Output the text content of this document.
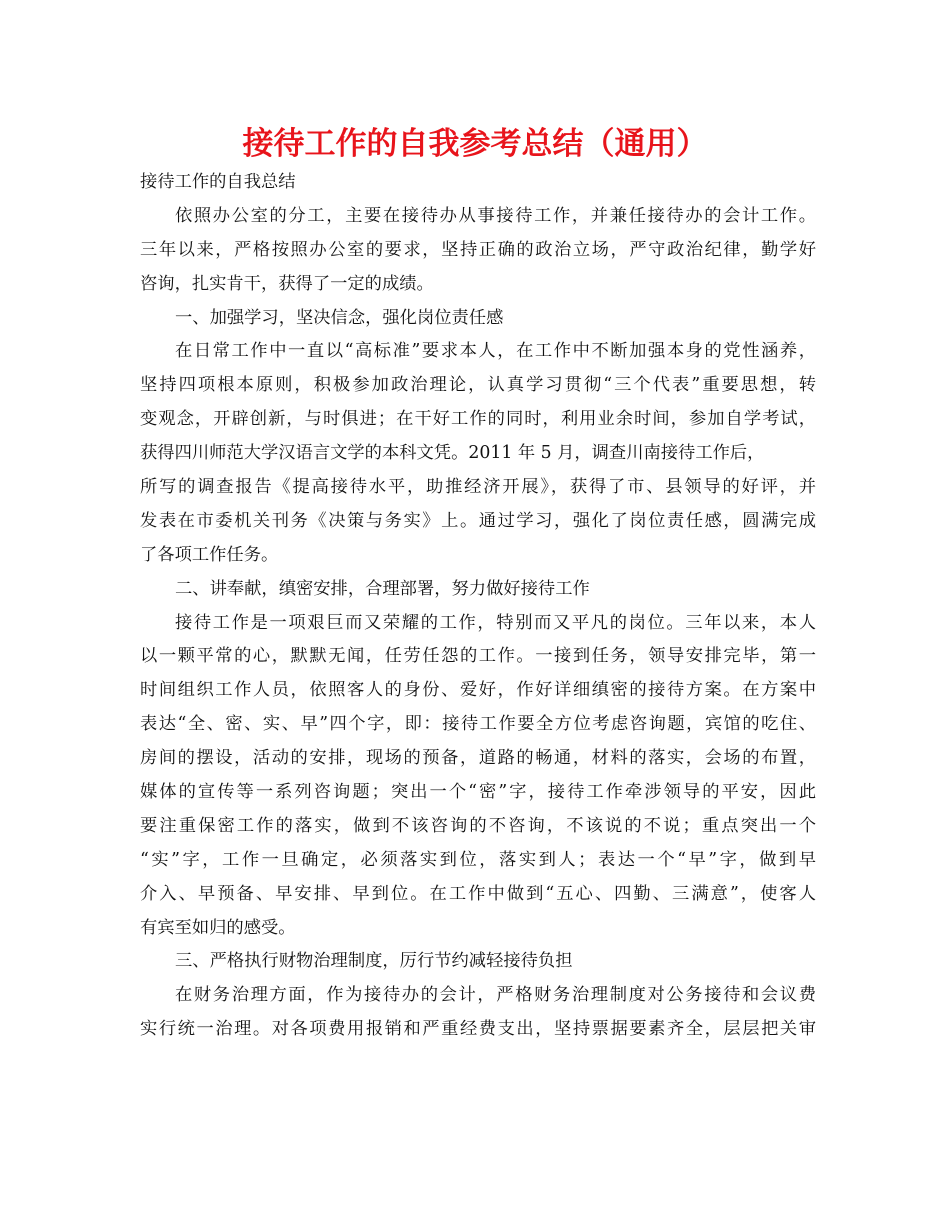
接待工作的自我参考总结（通用）
接待工作的自我总结
依照办公室的分工，主要在接待办从事接待工作，并兼任接待办的会计工作。
三年以来，严格按照办公室的要求，坚持正确的政治立场，严守政治纪律，勤学好
咨询，扎实肯干，获得了一定的成绩。
一、加强学习，坚决信念，强化岗位责任感
在日常工作中一直以“高标准”要求本人，在工作中不断加强本身的党性涵养，
坚持四项根本原则，积极参加政治理论，认真学习贯彻“三个代表”重要思想，转
变观念，开辟创新，与时俱进；在干好工作的同时，利用业余时间，参加自学考试，
获得四川师范大学汉语言文学的本科文凭。2011 年 5 月，调查川南接待工作后，
所写的调查报告《提高接待水平，助推经济开展》，获得了市、县领导的好评，并
发表在市委机关刊务《决策与务实》上。通过学习，强化了岗位责任感，圆满完成
了各项工作任务。
二、讲奉献，缜密安排，合理部署，努力做好接待工作
接待工作是一项艰巨而又荣耀的工作，特别而又平凡的岗位。三年以来，本人
以一颗平常的心，默默无闻，任劳任怨的工作。一接到任务，领导安排完毕，第一
时间组织工作人员，依照客人的身份、爱好，作好详细缜密的接待方案。在方案中
表达“全、密、实、早”四个字，即：接待工作要全方位考虑咨询题，宾馆的吃住、
房间的摆设，活动的安排，现场的预备，道路的畅通，材料的落实，会场的布置，
媒体的宣传等一系列咨询题；突出一个“密”字，接待工作牵涉领导的平安，因此
要注重保密工作的落实，做到不该咨询的不咨询，不该说的不说；重点突出一个
“实”字，工作一旦确定，必须落实到位，落实到人；表达一个“早”字，做到早
介入、早预备、早安排、早到位。在工作中做到“五心、四勤、三满意”，使客人
有宾至如归的感受。
三、严格执行财物治理制度，厉行节约减轻接待负担
在财务治理方面，作为接待办的会计，严格财务治理制度对公务接待和会议费
实行统一治理。对各项费用报销和严重经费支出，坚持票据要素齐全，层层把关审
